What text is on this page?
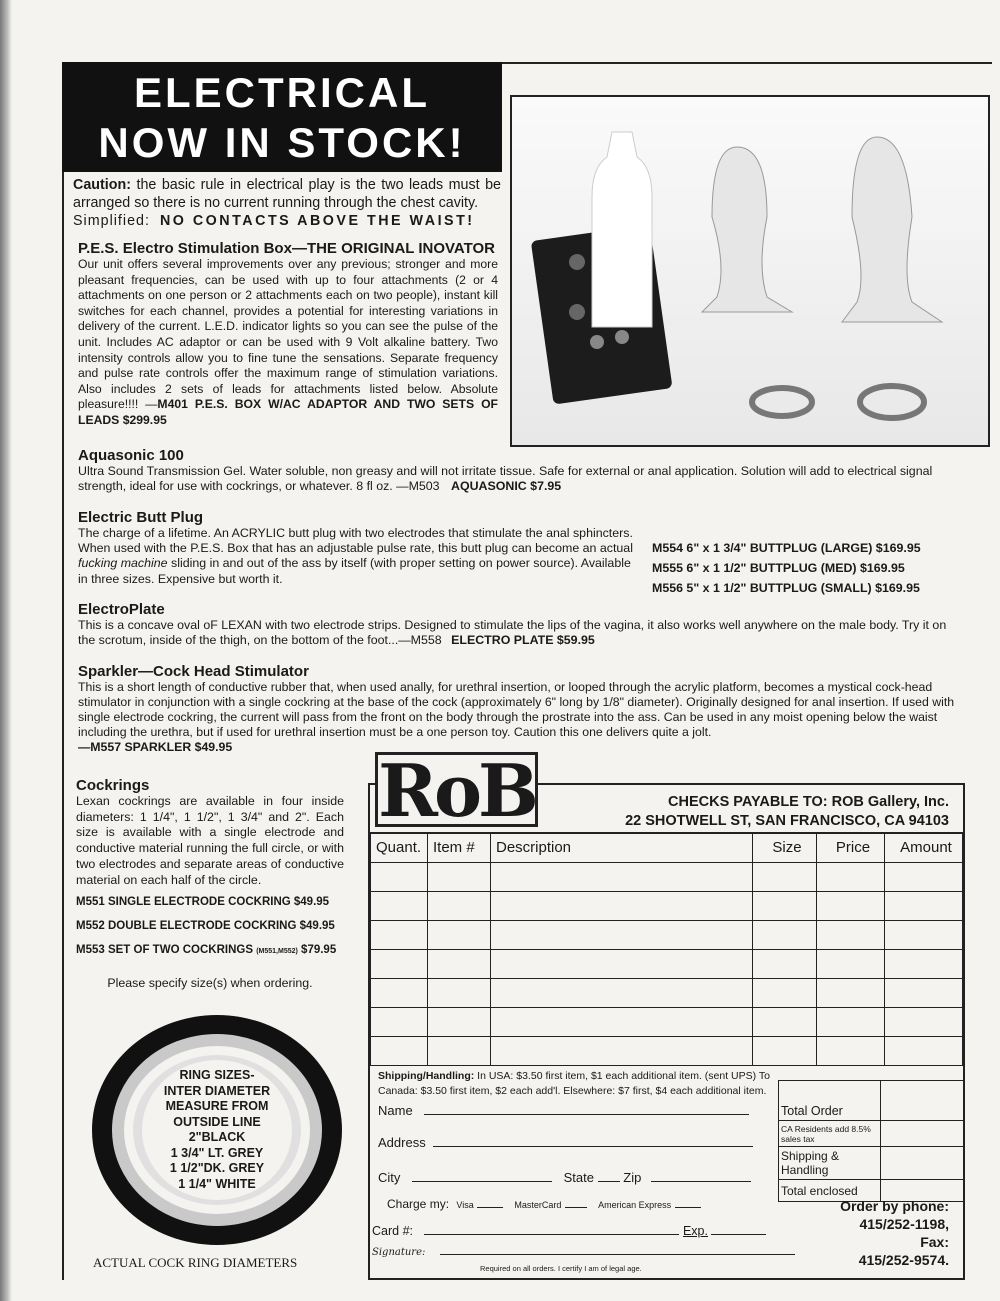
ELECTRICAL
NOW IN STOCK!
Caution: the basic rule in electrical play is the two leads must be arranged so there is no current running through the chest cavity.
Simplified: NO CONTACTS ABOVE THE WAIST!
P.E.S. Electro Stimulation Box—THE ORIGINAL INOVATOR

Our unit offers several improvements over any previous; stronger and more pleasant frequencies, can be used with up to four attachments (2 or 4 attachments on one person or 2 attachments each on two people), instant kill switches for each channel, provides a potential for interesting variations in delivery of the current. L.E.D. indicator lights so you can see the pulse of the unit. Includes AC adaptor or can be used with 9 Volt alkaline battery. Two intensity controls allow you to fine tune the sensations. Separate frequency and pulse rate controls offer the maximum range of stimulation variations. Also includes 2 sets of leads for attachments listed below. Absolute pleasure!!!! —M401 P.E.S. BOX W/AC ADAPTOR AND TWO SETS OF LEADS $299.95

Aquasonic 100

Ultra Sound Transmission Gel. Water soluble, non greasy and will not irritate tissue. Safe for external or anal application. Solution will add to electrical signal strength, ideal for use with cockrings, or whatever. 8 fl oz. —M503 AQUASONIC $7.95

Electric Butt Plug

The charge of a lifetime. An ACRYLIC butt plug with two electrodes that stimulate the anal sphincters. When used with the P.E.S. Box that has an adjustable pulse rate, this butt plug can become an actual fucking machine sliding in and out of the ass by itself (with proper setting on power source). Available in three sizes. Expensive but worth it.

M554 6" x 1 3/4" BUTTPLUG (LARGE) $169.95
M555 6" x 1 1/2" BUTTPLUG (MED) $169.95
M556 5" x 1 1/2" BUTTPLUG (SMALL) $169.95
ElectroPlate

This is a concave oval oF LEXAN with two electrode strips. Designed to stimulate the lips of the vagina, it also works well anywhere on the male body. Try it on the scrotum, inside of the thigh, on the bottom of the foot...—M558 ELECTRO PLATE $59.95

Sparkler—Cock Head Stimulator

This is a short length of conductive rubber that, when used anally, for urethral insertion, or looped through the acrylic platform, becomes a mystical cock-head stimulator in conjunction with a single cockring at the base of the cock (approximately 6" long by 1/8" diameter). Originally designed for anal insertion. If used with single electrode cockring, the current will pass from the front on the body through the prostrate into the ass. Can be used in any moist opening below the waist including the urethra, but if used for urethral insertion must be a one person toy. Caution this one delivers quite a jolt.
—M557 SPARKLER $49.95

Cockrings

Lexan cockrings are available in four inside diameters: 1 1/4", 1 1/2", 1 3/4" and 2". Each size is available with a single electrode and conductive material running the full circle, or with two electrodes and separate areas of conductive material on each half of the circle.

M551 SINGLE ELECTRODE COCKRING $49.95
M552 DOUBLE ELECTRODE COCKRING $49.95
M553 SET OF TWO COCKRINGS (M551,M552) $79.95
Please specify size(s) when ordering.
RING SIZES-
INTER DIAMETER
MEASURE FROM
OUTSIDE LINE
2"BLACK
1 3/4" LT. GREY
1 1/2"DK. GREY
1 1/4" WHITE
ACTUAL COCK RING DIAMETERS
CHECKS PAYABLE TO: ROB Gallery, Inc.
22 SHOTWELL ST, SAN FRANCISCO, CA 94103
Quant.	Item #	Description	Size	Price	Amount

Shipping/Handling: In USA: $3.50 first item, $1 each additional item. (sent UPS) To Canada: $3.50 first item, $2 each add'l. Elsewhere: $7 first, $4 each additional item.
Total Order	
CA Residents add 8.5% sales tax	
Shipping & Handling	
Total enclosed	
Name
Address
City	State Zip
Charge my: Visa	MasterCard	American Express
Card #:	Exp.
Signature:
Required on all orders. I certify I am of legal age.
Order by phone:
415/252-1198,
Fax:
415/252-9574.
RoB
